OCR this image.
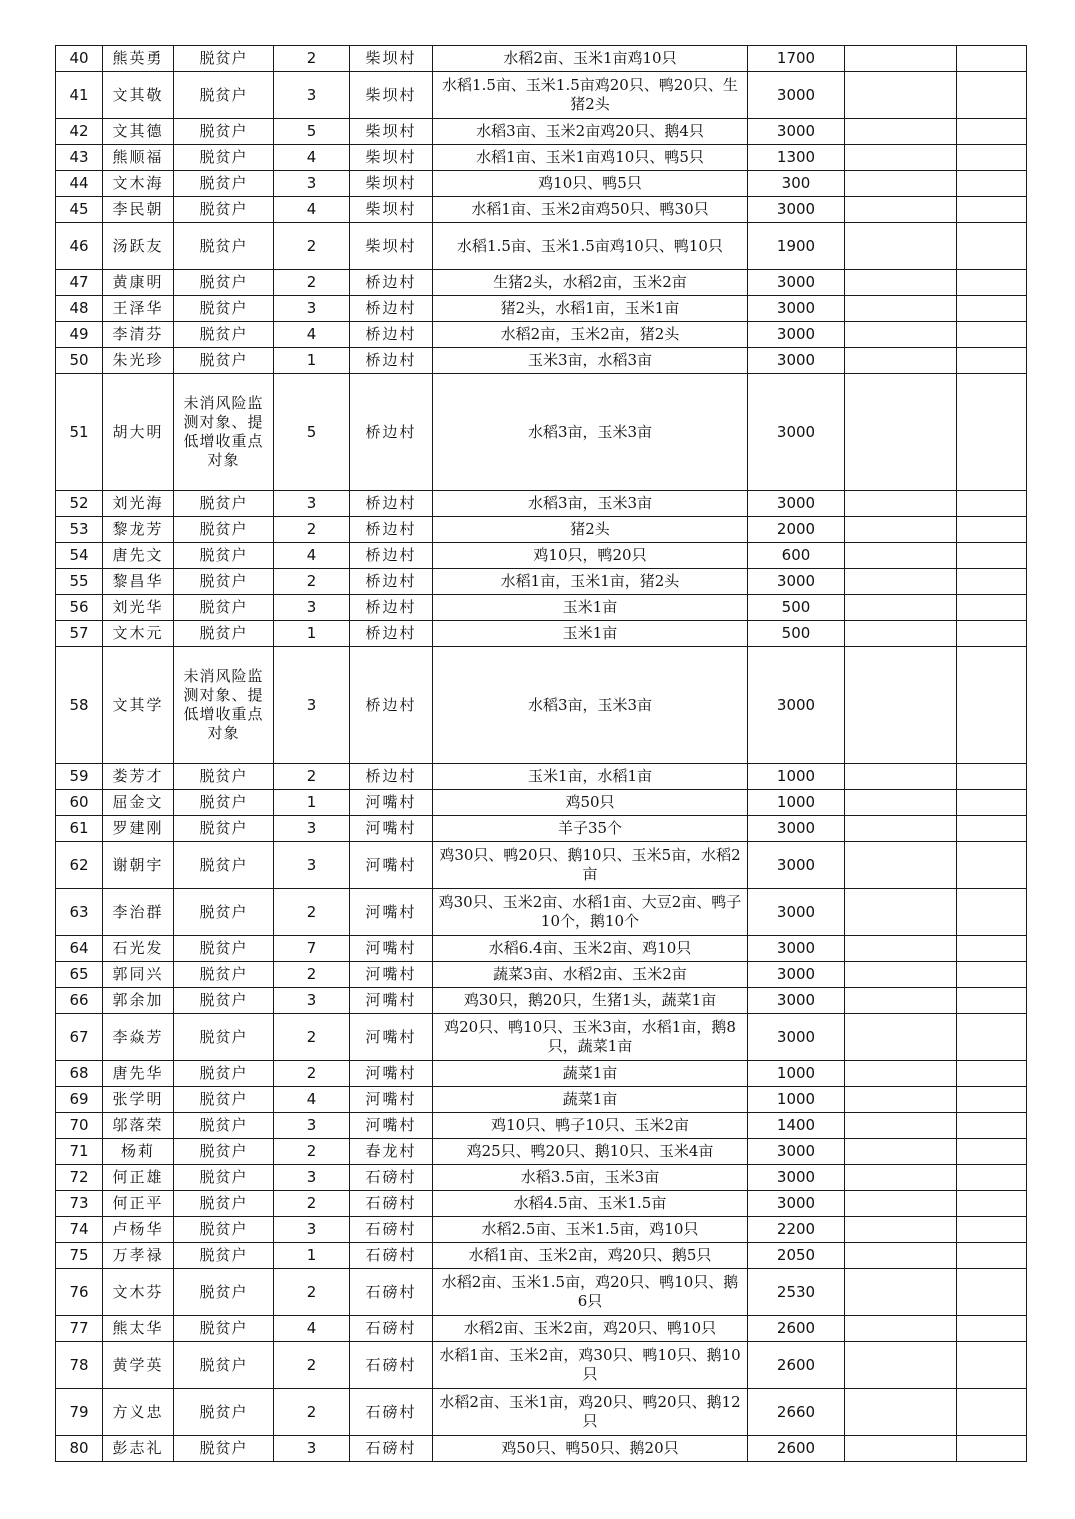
40	熊英勇	脱贫户	2	柴坝村	水稻2亩、玉米1亩鸡10只	1700		
41	文其敬	脱贫户	3	柴坝村	水稻1.5亩、玉米1.5亩鸡20只、鸭20只、生猪2头	3000		
42	文其德	脱贫户	5	柴坝村	水稻3亩、玉米2亩鸡20只、鹅4只	3000		
43	熊顺福	脱贫户	4	柴坝村	水稻1亩、玉米1亩鸡10只、鸭5只	1300		
44	文木海	脱贫户	3	柴坝村	鸡10只、鸭5只	300		
45	李民朝	脱贫户	4	柴坝村	水稻1亩、玉米2亩鸡50只、鸭30只	3000		
46	汤跃友	脱贫户	2	柴坝村	水稻1.5亩、玉米1.5亩鸡10只、鸭10只	1900		
47	黄康明	脱贫户	2	桥边村	生猪2头，水稻2亩，玉米2亩	3000		
48	王泽华	脱贫户	3	桥边村	猪2头，水稻1亩，玉米1亩	3000		
49	李清芬	脱贫户	4	桥边村	水稻2亩，玉米2亩，猪2头	3000		
50	朱光珍	脱贫户	1	桥边村	玉米3亩，水稻3亩	3000		
51	胡大明	未消风险监测对象、提低增收重点对象	5	桥边村	水稻3亩，玉米3亩	3000		
52	刘光海	脱贫户	3	桥边村	水稻3亩，玉米3亩	3000		
53	黎龙芳	脱贫户	2	桥边村	猪2头	2000		
54	唐先文	脱贫户	4	桥边村	鸡10只，鸭20只	600		
55	黎昌华	脱贫户	2	桥边村	水稻1亩，玉米1亩，猪2头	3000		
56	刘光华	脱贫户	3	桥边村	玉米1亩	500		
57	文木元	脱贫户	1	桥边村	玉米1亩	500		
58	文其学	未消风险监测对象、提低增收重点对象	3	桥边村	水稻3亩，玉米3亩	3000		
59	娄芳才	脱贫户	2	桥边村	玉米1亩，水稻1亩	1000		
60	屈金文	脱贫户	1	河嘴村	鸡50只	1000		
61	罗建刚	脱贫户	3	河嘴村	羊子35个	3000		
62	谢朝宇	脱贫户	3	河嘴村	鸡30只、鸭20只、鹅10只、玉米5亩，水稻2亩	3000		
63	李治群	脱贫户	2	河嘴村	鸡30只、玉米2亩、水稻1亩、大豆2亩、鸭子10个，鹅10个	3000		
64	石光发	脱贫户	7	河嘴村	水稻6.4亩、玉米2亩、鸡10只	3000		
65	郭同兴	脱贫户	2	河嘴村	蔬菜3亩、水稻2亩、玉米2亩	3000		
66	郭余加	脱贫户	3	河嘴村	鸡30只，鹅20只，生猪1头，蔬菜1亩	3000		
67	李焱芳	脱贫户	2	河嘴村	鸡20只、鸭10只、玉米3亩，水稻1亩，鹅8只，蔬菜1亩	3000		
68	唐先华	脱贫户	2	河嘴村	蔬菜1亩	1000		
69	张学明	脱贫户	4	河嘴村	蔬菜1亩	1000		
70	邬落荣	脱贫户	3	河嘴村	鸡10只、鸭子10只、玉米2亩	1400		
71	杨莉	脱贫户	2	春龙村	鸡25只、鸭20只、鹅10只、玉米4亩	3000		
72	何正雄	脱贫户	3	石磅村	水稻3.5亩，玉米3亩	3000		
73	何正平	脱贫户	2	石磅村	水稻4.5亩、玉米1.5亩	3000		
74	卢杨华	脱贫户	3	石磅村	水稻2.5亩、玉米1.5亩，鸡10只	2200		
75	万孝禄	脱贫户	1	石磅村	水稻1亩、玉米2亩，鸡20只、鹅5只	2050		
76	文木芬	脱贫户	2	石磅村	水稻2亩、玉米1.5亩，鸡20只、鸭10只、鹅6只	2530		
77	熊太华	脱贫户	4	石磅村	水稻2亩、玉米2亩，鸡20只、鸭10只	2600		
78	黄学英	脱贫户	2	石磅村	水稻1亩、玉米2亩，鸡30只、鸭10只、鹅10只	2600		
79	方义忠	脱贫户	2	石磅村	水稻2亩、玉米1亩，鸡20只、鸭20只、鹅12只	2660		
80	彭志礼	脱贫户	3	石磅村	鸡50只、鸭50只、鹅20只	2600		
